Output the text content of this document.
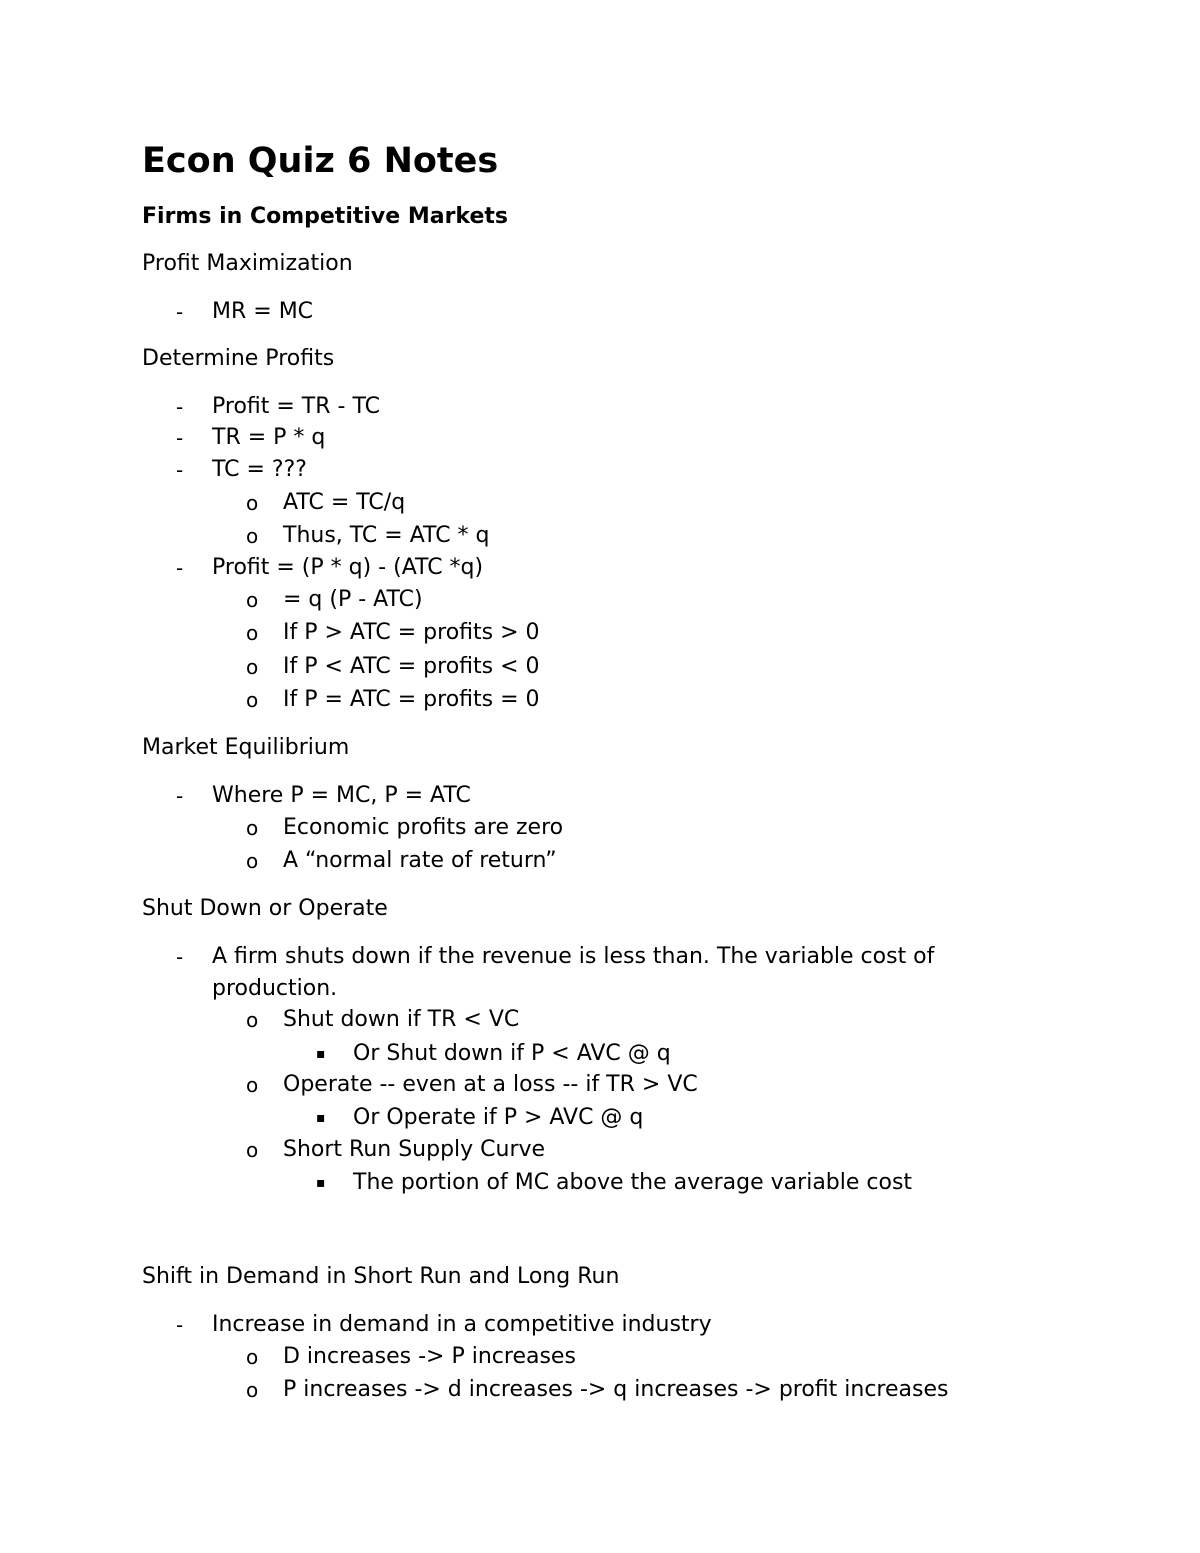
Econ Quiz 6 Notes
Firms in Competitive Markets
Profit Maximization
- MR = MC
Determine Profits
- Profit = TR - TC
- TR = P * q
- TC = ???
o ATC = TC/q
o Thus, TC = ATC * q
- Profit = (P * q) - (ATC *q)
o = q (P - ATC)
o If P > ATC = profits > 0
o If P < ATC = profits < 0
o If P = ATC = profits = 0
Market Equilibrium
- Where P = MC, P = ATC
o Economic profits are zero
o A “normal rate of return”
Shut Down or Operate
- A firm shuts down if the revenue is less than. The variable cost of
production.
o Shut down if TR < VC
▪ Or Shut down if P < AVC @ q
o Operate -- even at a loss -- if TR > VC
▪ Or Operate if P > AVC @ q
o Short Run Supply Curve
▪ The portion of MC above the average variable cost
Shift in Demand in Short Run and Long Run
- Increase in demand in a competitive industry
o D increases -> P increases
o P increases -> d increases -> q increases -> profit increases
